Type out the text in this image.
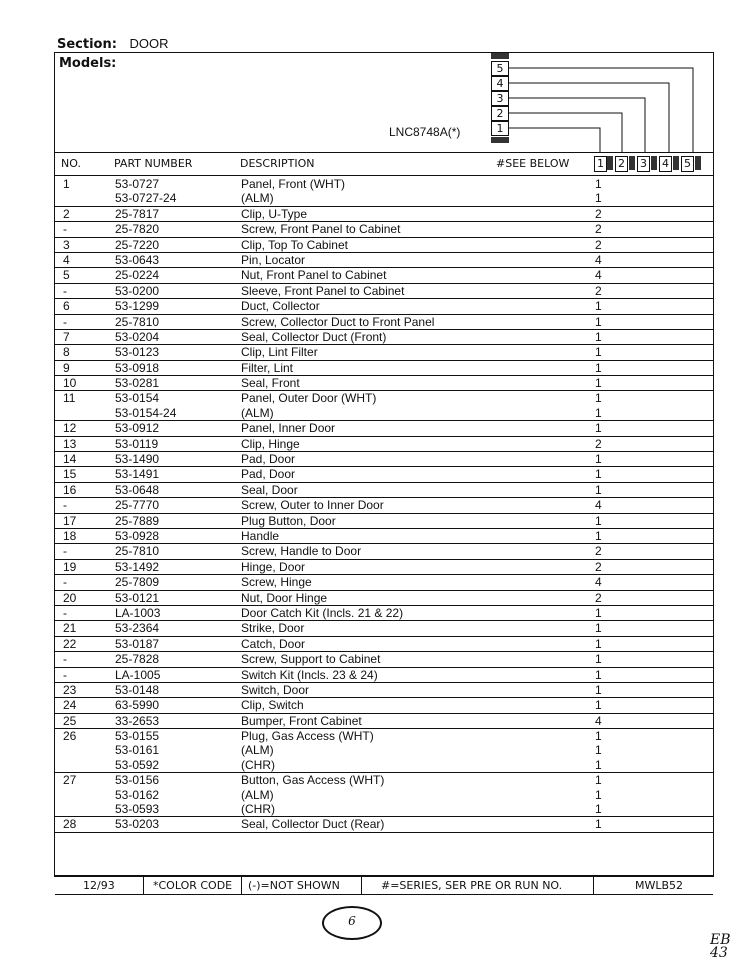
Section: DOOR
Models:
LNC8748A(*)
5
4
3
2
1
NO.	PART NUMBER	DESCRIPTION	#SEE BELOW	1 2 3 4 5
1	53-0727	Panel, Front (WHT)	1
53-0727-24	(ALM)	1
2	25-7817	Clip, U-Type	2
-	25-7820	Screw, Front Panel to Cabinet	2
3	25-7220	Clip, Top To Cabinet	2
4	53-0643	Pin, Locator	4
5	25-0224	Nut, Front Panel to Cabinet	4
-	53-0200	Sleeve, Front Panel to Cabinet	2
6	53-1299	Duct, Collector	1
-	25-7810	Screw, Collector Duct to Front Panel	1
7	53-0204	Seal, Collector Duct (Front)	1
8	53-0123	Clip, Lint Filter	1
9	53-0918	Filter, Lint	1
10	53-0281	Seal, Front	1
11	53-0154	Panel, Outer Door (WHT)	1
53-0154-24	(ALM)	1
12	53-0912	Panel, Inner Door	1
13	53-0119	Clip, Hinge	2
14	53-1490	Pad, Door	1
15	53-1491	Pad, Door	1
16	53-0648	Seal, Door	1
-	25-7770	Screw, Outer to Inner Door	4
17	25-7889	Plug Button, Door	1
18	53-0928	Handle	1
-	25-7810	Screw, Handle to Door	2
19	53-1492	Hinge, Door	2
-	25-7809	Screw, Hinge	4
20	53-0121	Nut, Door Hinge	2
-	LA-1003	Door Catch Kit (Incls. 21 & 22)	1
21	53-2364	Strike, Door	1
22	53-0187	Catch, Door	1
-	25-7828	Screw, Support to Cabinet	1
-	LA-1005	Switch Kit (Incls. 23 & 24)	1
23	53-0148	Switch, Door	1
24	63-5990	Clip, Switch	1
25	33-2653	Bumper, Front Cabinet	4
26	53-0155	Plug, Gas Access (WHT)	1
53-0161	(ALM)	1
53-0592	(CHR)	1
27	53-0156	Button, Gas Access (WHT)	1
53-0162	(ALM)	1
53-0593	(CHR)	1
28	53-0203	Seal, Collector Duct (Rear)	1
12/93	*COLOR CODE (-)=NOT SHOWN	#=SERIES, SER PRE OR RUN NO.	MWLB52
6
EB 43
